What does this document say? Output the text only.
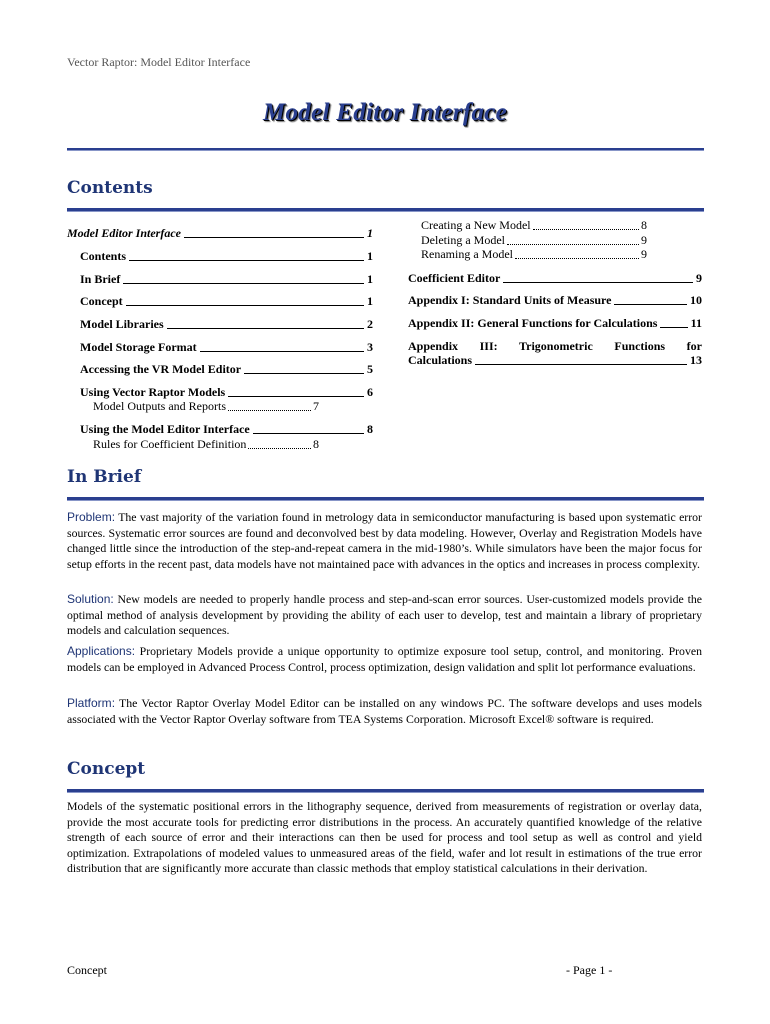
Vector Raptor: Model Editor Interface
Model Editor Interface
Contents
Model Editor Interface	1
Contents	1
In Brief	1
Concept	1
Model Libraries	2
Model Storage Format	3
Accessing the VR Model Editor	5
Using Vector Raptor Models	6
Model Outputs and Reports	7
Using the Model Editor Interface	8
Rules for Coefficient Definition	8
Creating a New Model	8
Deleting a Model	9
Renaming a Model	9
Coefficient Editor	9
Appendix I: Standard Units of Measure	10
Appendix II: General Functions for Calculations	11
Appendix III: Trigonometric Functions for
Calculations	13
In Brief
Problem: The vast majority of the variation found in metrology data in semiconductor manufacturing is based upon systematic error sources. Systematic error sources are found and deconvolved best by data modeling. However, Overlay and Registration Models have changed little since the introduction of the step-and-repeat camera in the mid-1980’s. While simulators have been the major focus for setup efforts in the recent past, data models have not maintained pace with advances in the optics and increases in process complexity.
Solution: New models are needed to properly handle process and step-and-scan error sources. User-customized models provide the optimal method of analysis development by providing the ability of each user to develop, test and maintain a library of proprietary models and calculation sequences.
Applications: Proprietary Models provide a unique opportunity to optimize exposure tool setup, control, and monitoring. Proven models can be employed in Advanced Process Control, process optimization, design validation and split lot performance evaluations.
Platform: The Vector Raptor Overlay Model Editor can be installed on any windows PC. The software develops and uses models associated with the Vector Raptor Overlay software from TEA Systems Corporation. Microsoft Excel® software is required.
Concept
Models of the systematic positional errors in the lithography sequence, derived from measurements of registration or overlay data, provide the most accurate tools for predicting error distributions in the process. An accurately quantified knowledge of the relative strength of each source of error and their interactions can then be used for process and tool setup as well as control and yield optimization. Extrapolations of modeled values to unmeasured areas of the field, wafer and lot result in estimations of the true error distribution that are significantly more accurate than classic methods that employ statistical calculations in their derivation.
Concept	- Page 1 -
